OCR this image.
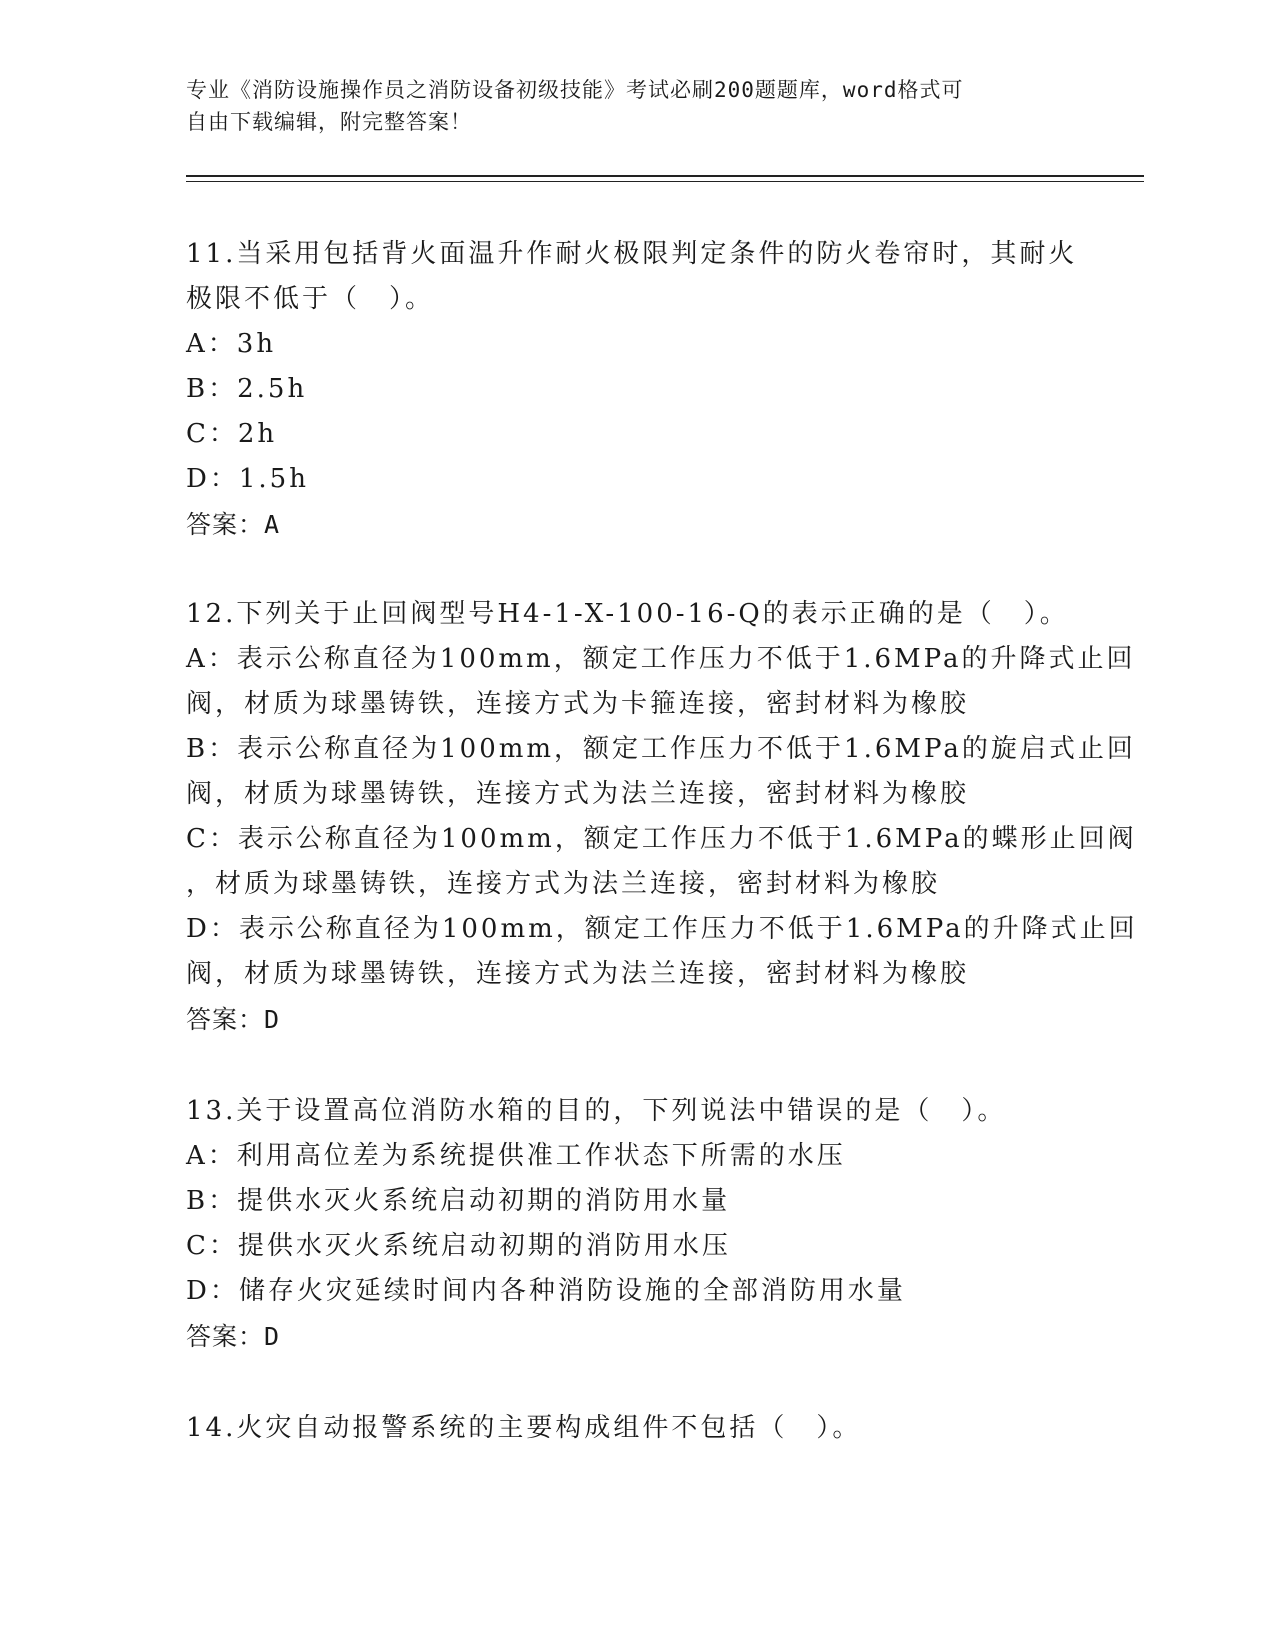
专业《消防设施操作员之消防设备初级技能》考试必刷200题题库，word格式可
自由下载编辑，附完整答案！
11.当采用包括背火面温升作耐火极限判定条件的防火卷帘时，其耐火
极限不低于（　）。
A：3h
B：2.5h
C：2h
D：1.5h
答案：A
12.下列关于止回阀型号H4-1-X-100-16-Q的表示正确的是（　）。
A：表示公称直径为100mm，额定工作压力不低于1.6MPa的升降式止回
阀，材质为球墨铸铁，连接方式为卡箍连接，密封材料为橡胶
B：表示公称直径为100mm，额定工作压力不低于1.6MPa的旋启式止回
阀，材质为球墨铸铁，连接方式为法兰连接，密封材料为橡胶
C：表示公称直径为100mm，额定工作压力不低于1.6MPa的蝶形止回阀
，材质为球墨铸铁，连接方式为法兰连接，密封材料为橡胶
D：表示公称直径为100mm，额定工作压力不低于1.6MPa的升降式止回
阀，材质为球墨铸铁，连接方式为法兰连接，密封材料为橡胶
答案：D
13.关于设置高位消防水箱的目的，下列说法中错误的是（　）。
A：利用高位差为系统提供准工作状态下所需的水压
B：提供水灭火系统启动初期的消防用水量
C：提供水灭火系统启动初期的消防用水压
D：储存火灾延续时间内各种消防设施的全部消防用水量
答案：D
14.火灾自动报警系统的主要构成组件不包括（　）。
